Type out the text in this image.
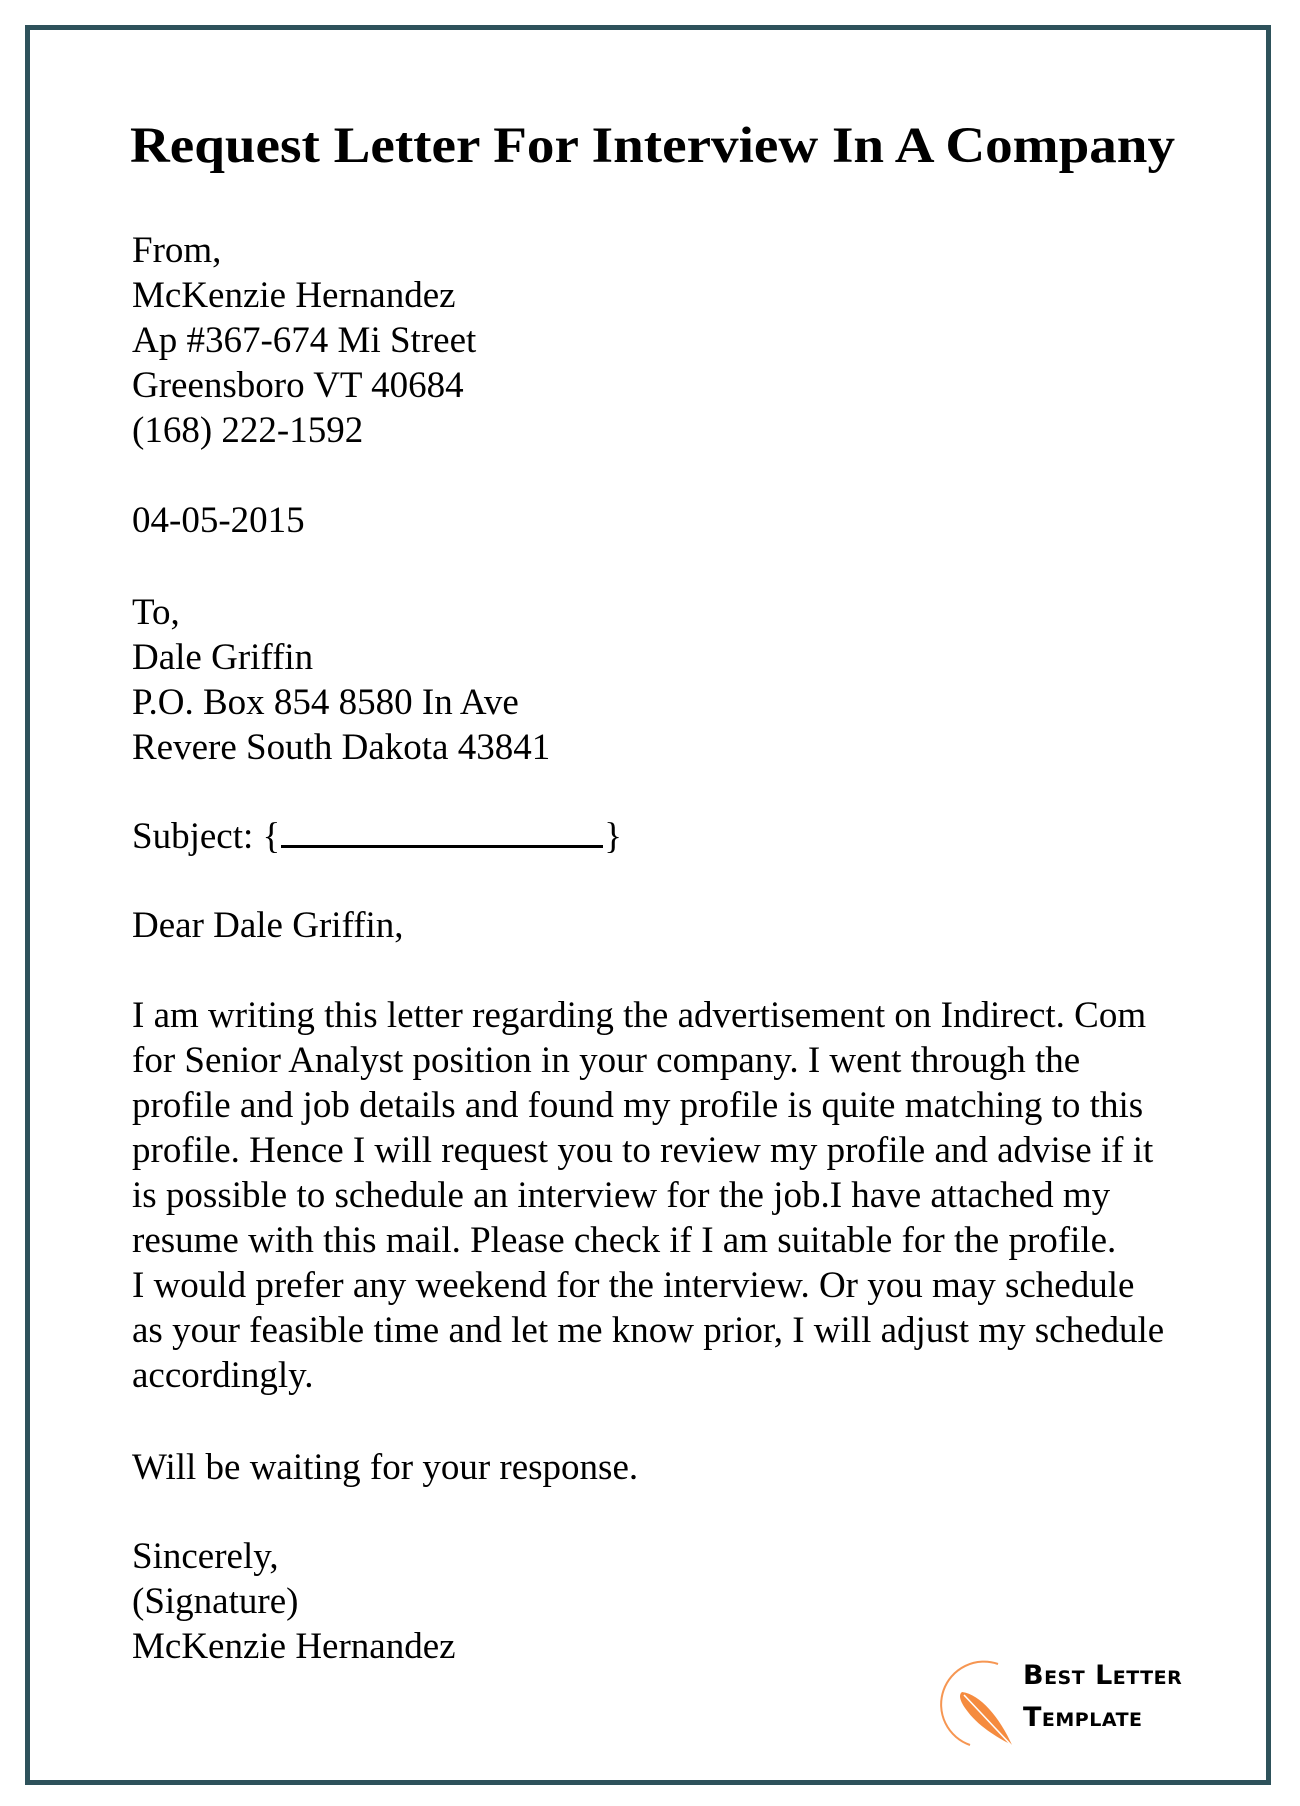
Request Letter For Interview In A Company
From,
McKenzie Hernandez
Ap #367-674 Mi Street
Greensboro VT 40684
(168) 222-1592
04-05-2015
To,
Dale Griffin
P.O. Box 854 8580 In Ave
Revere South Dakota 43841
Subject: {	}
Dear Dale Griffin,
I am writing this letter regarding the advertisement on Indirect. Com
for Senior Analyst position in your company. I went through the
profile and job details and found my profile is quite matching to this
profile. Hence I will request you to review my profile and advise if it
is possible to schedule an interview for the job.I have attached my
resume with this mail. Please check if I am suitable for the profile.
I would prefer any weekend for the interview. Or you may schedule
as your feasible time and let me know prior, I will adjust my schedule
accordingly.
Will be waiting for your response.
Sincerely,
(Signature)
McKenzie Hernandez
Best Letter
Template
